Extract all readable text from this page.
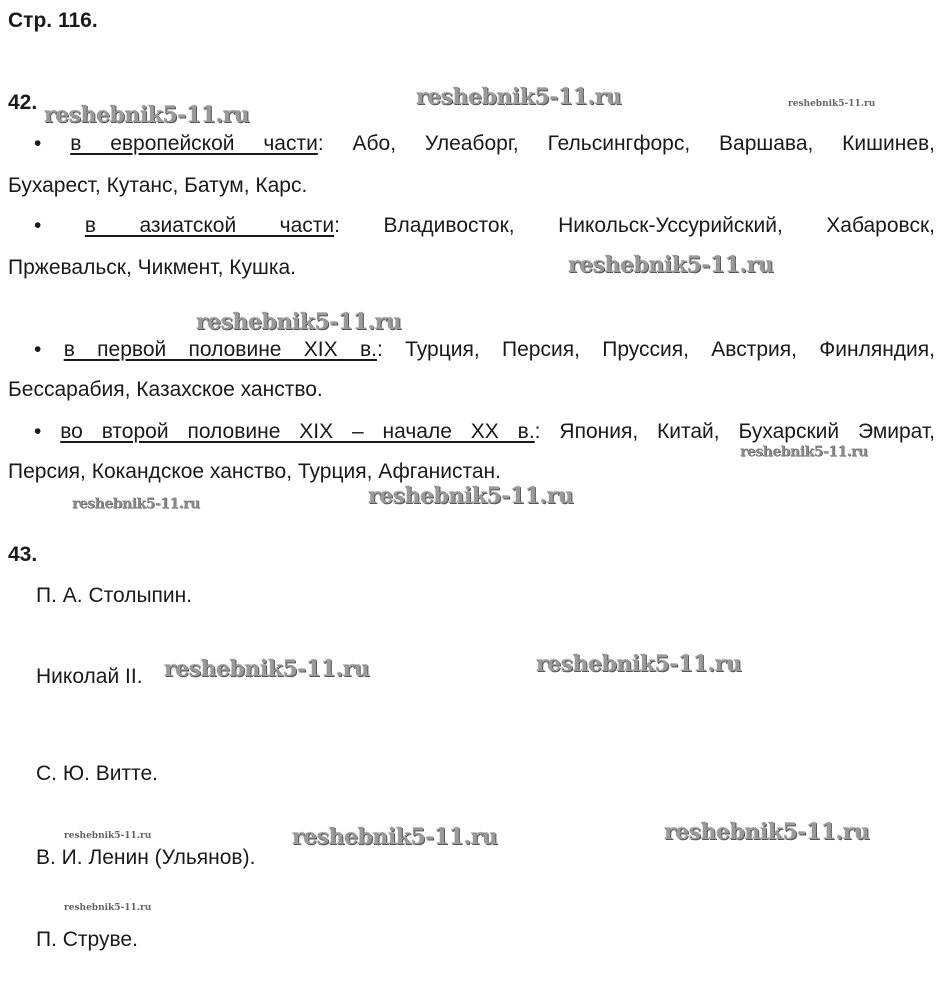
Стр. 116.
42.
• в европейской части: Або, Улеаборг, Гельсингфорс, Варшава, Кишинев,
Бухарест, Кутанс, Батум, Карс.
• в азиатской части: Владивосток, Никольск-Уссурийский, Хабаровск,
Пржевальск, Чикмент, Кушка.
• в первой половине XIX в.: Турция, Персия, Пруссия, Австрия, Финляндия,
Бессарабия, Казахское ханство.
• во второй половине XIX – начале XX в.: Япония, Китай, Бухарский Эмират,
Персия, Кокандское ханство, Турция, Афганистан.
43.
П. А. Столыпин.
Николай II.
С. Ю. Витте.
В. И. Ленин (Ульянов).
П. Струве.
reshebnik5-11.ru
reshebnik5-11.ru	reshebnik5-11.ru
reshebnik5-11.ru
reshebnik5-11.ru
reshebnik5-11.ru
reshebnik5-11.ru	reshebnik5-11.ru
reshebnik5-11.ru	reshebnik5-11.ru
reshebnik5-11.ru	reshebnik5-11.ru	reshebnik5-11.ru
reshebnik5-11.ru
